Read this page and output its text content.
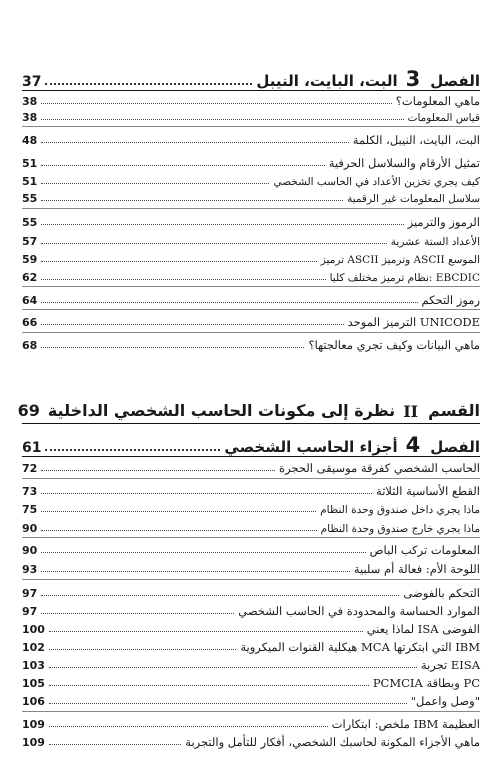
الفصل
3
البت، البايت، النيبل
37
ماهي المعلومات؟
38
قياس المعلومات
38
البت، البايت، النيبل، الكلمة
48
تمثيل الأرقام والسلاسل الحرفية
51
كيف يجري تخزين الأعداد في الحاسب الشخصي
51
سلاسل المعلومات غير الرقمية
55
الرموز والترميز
55
الأعداد الستة عشرية
57
ترميز ASCII وترميز ASCII الموسع
59
نظام ترميز مختلف كليا: EBCDIC
62
رموز التحكم
64
الترميز الموحد UNICODE
66
ماهي البيانات وكيف تجري معالجتها؟
68
القسم
II
نظرة إلى مكونات الحاسب الشخصي الداخلية
69
الفصل
4
أجزاء الحاسب الشخصي
61
الحاسب الشخصي كفرقة موسيقى الحجرة
72
القطع الأساسية الثلاثة
73
ماذا يجري داخل صندوق وحدة النظام
75
ماذا يجري خارج صندوق وحدة النظام
90
المعلومات تركب الباص
90
اللوحة الأم: فعالة أم سلبية
93
التحكم بالفوضى
97
الموارد الحساسة والمحدودة في الحاسب الشخصي
97
لماذا يعني ISA الفوضى
100
هيكلية القنوات الميكروية MCA التي ابتكرتها IBM
102
تجربة EISA
103
PCMCIA وبطاقة PC
105
"وصل واعمل"
106
ملخص: ابتكارات IBM العظيمة
109
ماهي الأجزاء المكونة لحاسبك الشخصي، أفكار للتأمل والتجربة
109
